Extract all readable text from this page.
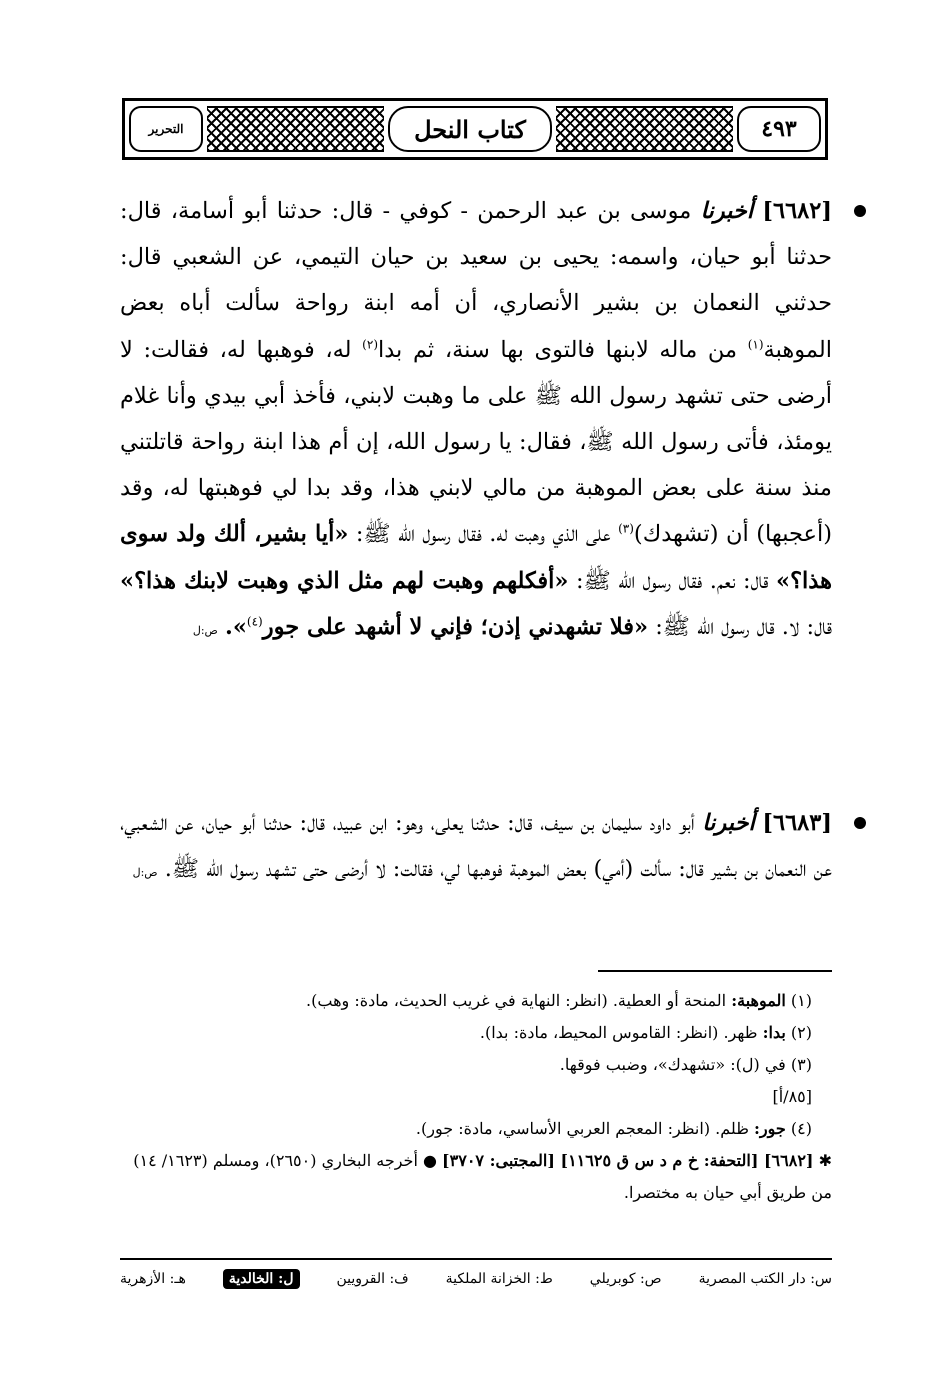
التحرير	كتاب النحل	٤٩٣
[٦٦٨٢] أخبرنا موسى بن عبد الرحمن - كوفي - قال: حدثنا أبو أسامة، قال: حدثنا أبو حيان، واسمه: يحيى بن سعيد بن حيان التيمي، عن الشعبي قال: حدثني النعمان بن بشير الأنصاري، أن أمه ابنة رواحة سألت أباه بعض الموهبة$^{(١)}$ من ماله لابنها فالتوى بها سنة، ثم بدا$^{(٢)}$ له، فوهبها له، فقالت: لا أرضى حتى تشهد رسول الله ﷺ على ما وهبت لابني، فأخذ أبي بيدي وأنا غلام يومئذ، فأتى رسول الله ﷺ، فقال: يا رسول الله، إن أم هذا ابنة رواحة قاتلتني منذ سنة على بعض الموهبة من مالي لابني هذا، وقد بدا لي فوهبتها له، وقد (أعجبها) أن (تشهدك)$^{(٣)}$ على الذي وهبت له. فقال رسول الله ﷺ: «أيا بشير، ألك ولد سوى هذا؟» قال: نعم. فقال رسول الله ﷺ: «أفكلهم وهبت لهم مثل الذي وهبت لابنك هذا؟» قال: لا. قال رسول الله ﷺ: «فلا تشهدني إذن؛ فإني لا أشهد على جور$^{(٤)}$». ص:ل
[٦٦٨٣] أخبرنا أبو داود سليمان بن سيف، قال: حدثنا يعلى، وهو: ابن عبيد، قال: حدثنا أبو حيان، عن الشعبي، عن النعمان بن بشير قال: سألت (أمي) بعض الموهبة فوهبها لي، فقالت: لا أرضى حتى تشهد رسول الله ﷺ. ص:ل
(١) الموهبة: المنحة أو العطية. (انظر: النهاية في غريب الحديث، مادة: وهب).
(٢) بدا: ظهر. (انظر: القاموس المحيط، مادة: بدا).
(٣) في (ل): «تشهدك»، وضبب فوقها.
[٨٥/أ]
(٤) جور: ظلم. (انظر: المعجم العربي الأساسي، مادة: جور).
✱ [٦٦٨٢] [التحفة: خ م د س ق ١١٦٢٥] [المجتبى: ٣٧٠٧] ● أخرجه البخاري (٢٦٥٠)، ومسلم (١٦٢٣/ ١٤) من طريق أبي حيان به مختصرا.
س: دار الكتب المصرية
ص: كوبريلي
ط: الخزانة الملكية
ف: القرويين
ل: الخالدية
هـ: الأزهرية
